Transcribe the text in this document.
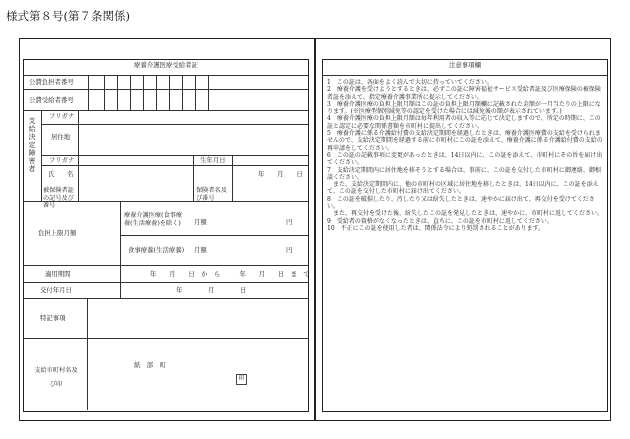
様式第８号(第７条関係)
療養介護医療受給者証
公費負担者番号
公費受給者番号
支給決定障害者
フリガナ
居住地
フリガナ
氏　　名
生年月日
年　　月　　日
被保険者証の記号及び番号
保険者名及び番号
負担上限月額
療養介護医療(食事療養(生活療養)を除く)	月額	円
食事療養(生活療養) 月額	円
適用期間	年　　月　　日　か　ら　　　年　　月　　日　ま　で
交付年月日	年　　　　月　　　　日
特記事項
支給市町村名及び印
紙　部　町
印
注意事項欄

1　この証は、各面をよく読んで大切に持っていてください。

2　療養介護を受けようとするときは、必ずこの証に障害福祉サービス受給者証及び医療保険の被保険者証を添えて、指定療養介護事業所に提示してください。

3　療養介護医療の負担上限月額はこの証の負担上限月額欄に記載された金額が一月当たりの上限になります。(※医療型個別減免等の認定を受けた場合には減免後の額が表示されています。)

4　療養介護医療の負担上限月額は毎年利用者の収入等に応じて決定しますので、所定の時期に、この証と認定に必要な関係書類を市町村に提出してください。

5　療養介護に係る介護給付費の支給決定期間を経過したときは、療養介護医療費の支給を受けられませんので、支給決定期間を経過する前に市町村にこの証を添えて、療養介護に係る介護給付費の支給の再申請をしてください。

6　この証の記載事項に変更があったときは、14日以内に、この証を添えて、市町村にその旨を届け出てください。

7　支給決定期間内に居住地を移そうとする場合は、事前に、この証を交付した市町村に御連絡、御相談ください。

　また、支給決定期間内に、他の市町村の区域に居住地を移したときは、14日以内に、この証を添えて、この証を交付した市町村に届け出てください。

8　この証を破損したり、汚したり又は紛失したときは、速やかに届け出て、再交付を受けてください。

　また、再交付を受けた後、紛失したこの証を発見したときは、速やかに、市町村に返してください。

9　受給者の資格がなくなったときは、直ちに、この証を市町村に返してください。

10　不正にこの証を使用した者は、関係法令により処罰されることがあります。
